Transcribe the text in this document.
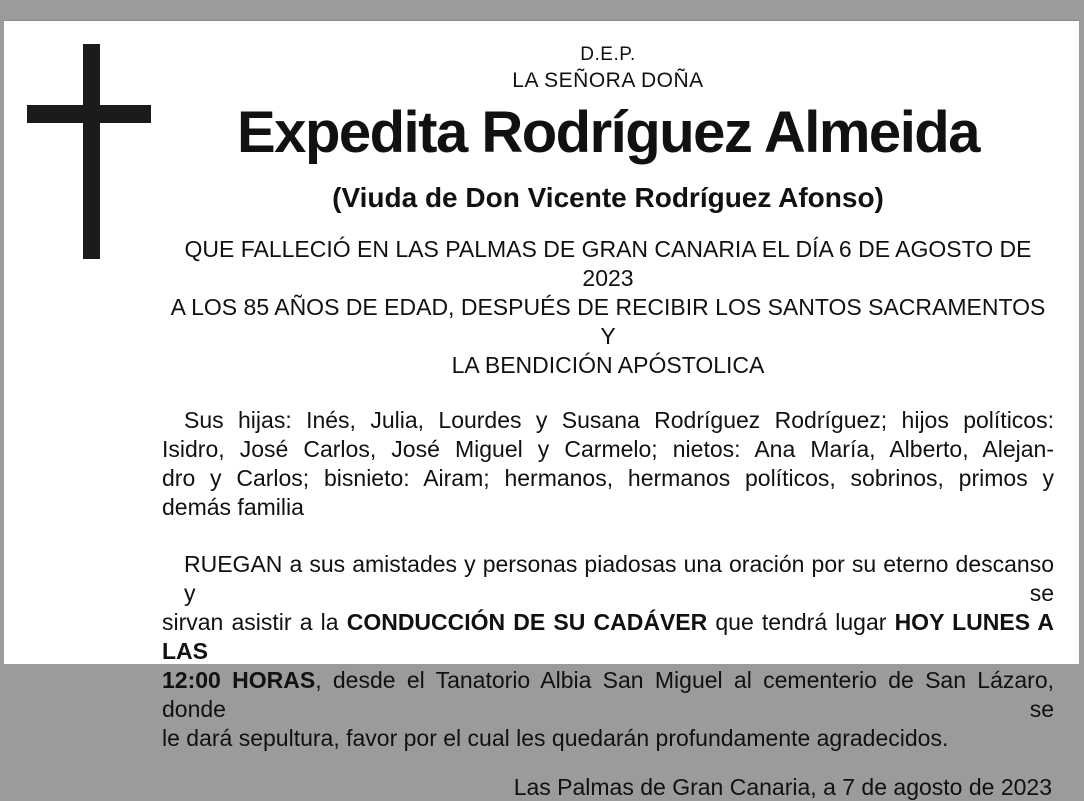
D.E.P.
LA SEÑORA DOÑA
Expedita Rodríguez Almeida
(Viuda de Don Vicente Rodríguez Afonso)
QUE FALLECIÓ EN LAS PALMAS DE GRAN CANARIA EL DÍA 6 DE AGOSTO DE 2023
A LOS 85 AÑOS DE EDAD, DESPUÉS DE RECIBIR LOS SANTOS SACRAMENTOS Y
LA BENDICIÓN APÓSTOLICA
Sus hijas: Inés, Julia, Lourdes y Susana Rodríguez Rodríguez; hijos políticos:
Isidro, José Carlos, José Miguel y Carmelo; nietos: Ana María, Alberto, Alejan-
dro y Carlos; bisnieto: Airam; hermanos, hermanos políticos, sobrinos, primos y
demás familia
RUEGAN a sus amistades y personas piadosas una oración por su eterno descanso y se
sirvan asistir a la CONDUCCIÓN DE SU CADÁVER que tendrá lugar HOY LUNES A LAS
12:00 HORAS, desde el Tanatorio Albia San Miguel al cementerio de San Lázaro, donde se
le dará sepultura, favor por el cual les quedarán profundamente agradecidos.
Las Palmas de Gran Canaria, a 7 de agosto de 2023
